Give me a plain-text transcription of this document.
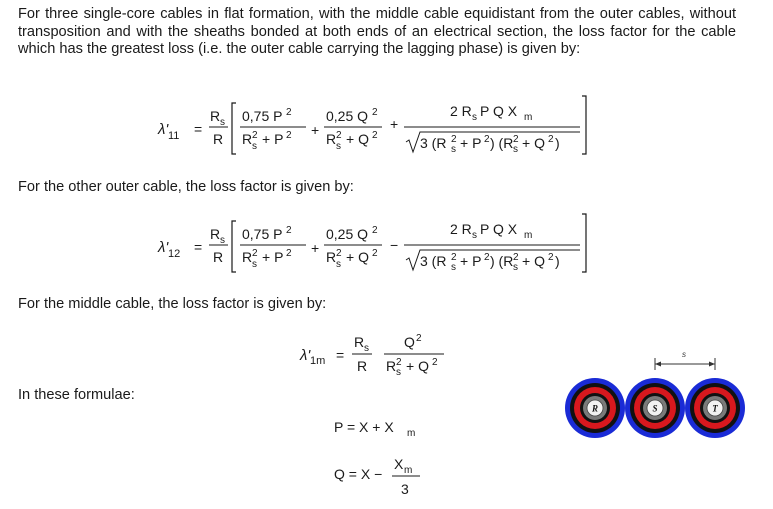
For three single-core cables in flat formation, with the middle cable equidistant from the outer cables, without transposition and with the sheaths bonded at both ends of an electrical section, the loss factor for the cable which has the greatest loss (i.e. the outer cable carrying the lagging phase) is given by:
λ' 11 =
R s
R
0,75 P 2
R 2
s + P 2 +
0,25 Q 2
R 2
s + Q 2
+
2 R s P Q X m
3 (R 2
s + P 2 ) (R 2
s + Q 2 )
For the other outer cable, the loss factor is given by:
λ' 12 =
R s
R
0,75 P 2
R 2
s + P 2 +
0,25 Q 2
R 2
s + Q 2
−
2 R s P Q X m
3 (R 2
s + P 2 ) (R 2
s + Q 2 )
For the middle cable, the loss factor is given by:
λ' 1m =
R s
R
Q 2
R 2
s + Q 2
In these formulae:
P = X + X m
Q = X −
X m
3
s
R	S	T
